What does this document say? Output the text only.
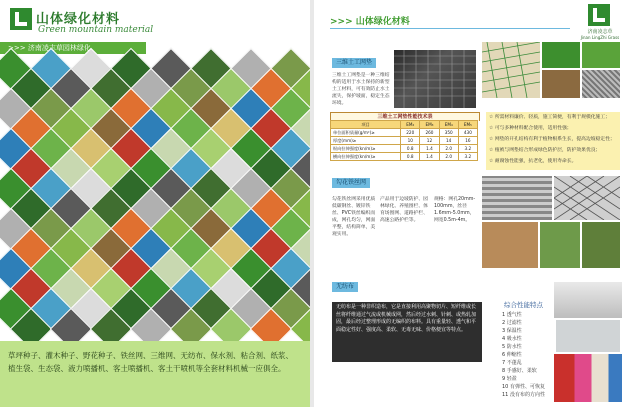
山体绿化材料
Green mountain material
>>> 济南凌志草园林绿化
草坪种子、灌木种子、野花种子、铁丝网、三维网、无纺布、保水剂、粘合剂、纸浆、植生袋、生态袋、液力喷播机、客土喷播机、客土干喷机等全套材料机械一应俱全。
>>> 山体绿化材料
济南凌志草
Jinan LingZhi Grass
三维土工网垫
三维土工网垫是一种三维结构的适用于水土保持的新型土工材料，可有效防止水土流失，保护坡面，稳定生态环境。
三维土工网垫性能技术表
项目	EM₂	EM₃	EM₄	EM₅
单位面积质量(g/m²)≥	220	260	350	430
厚度(mm)≥	10	12	14	16
纵向拉伸强度(kn/m)≥	0.8	1.4	2.0	3.2
横向拉伸强度(kn/m)≥	0.8	1.4	2.0	3.2
☆ 所需材料廉价、轻质，施工简便，有利于规模化施工；
☆ 可与多种材料配合使用，适用性强；
☆ 网垫的开孔结构有利于植物根系生长，提高边坡稳定性；
☆ 植被与网垫结合形成绿色防护层，防护效果优良；
☆ 耐腐蚀性能强，抗老化，使用寿命长。
勾花铁丝网
勾花铁丝网采用优质低碳钢丝、镀锌铁丝、PVC铁丝编织而成，网孔均匀，网面平整，结构简单，美观实用。
产品用于边坡防护、园林绿化、养殖围栏、体育场围网、道路护栏、高速公路护栏等。
规格：网孔20mm-100mm，丝径1.6mm-5.0mm，网宽0.5m-4m。
无纺布
无纺布是一种非织造布，它是直接利用高聚物切片、短纤维或长丝将纤维通过气流或机械成网，然后经过水刺、针刺、或热轧加固，最后经过整理形成的无编织的布料。具有重量轻、透气和平面稳定性好、强度高、柔软、无毒无味、价格便宜等特点。
综合性能特点
1 透气性
2 过滤性
3 保温性
4 吸水性
5 防水性
6 伸缩性
7 不蓬乱
8 手感好、柔软
9 轻盈
10 有弹性、可恢复
11 没有布的方向性
